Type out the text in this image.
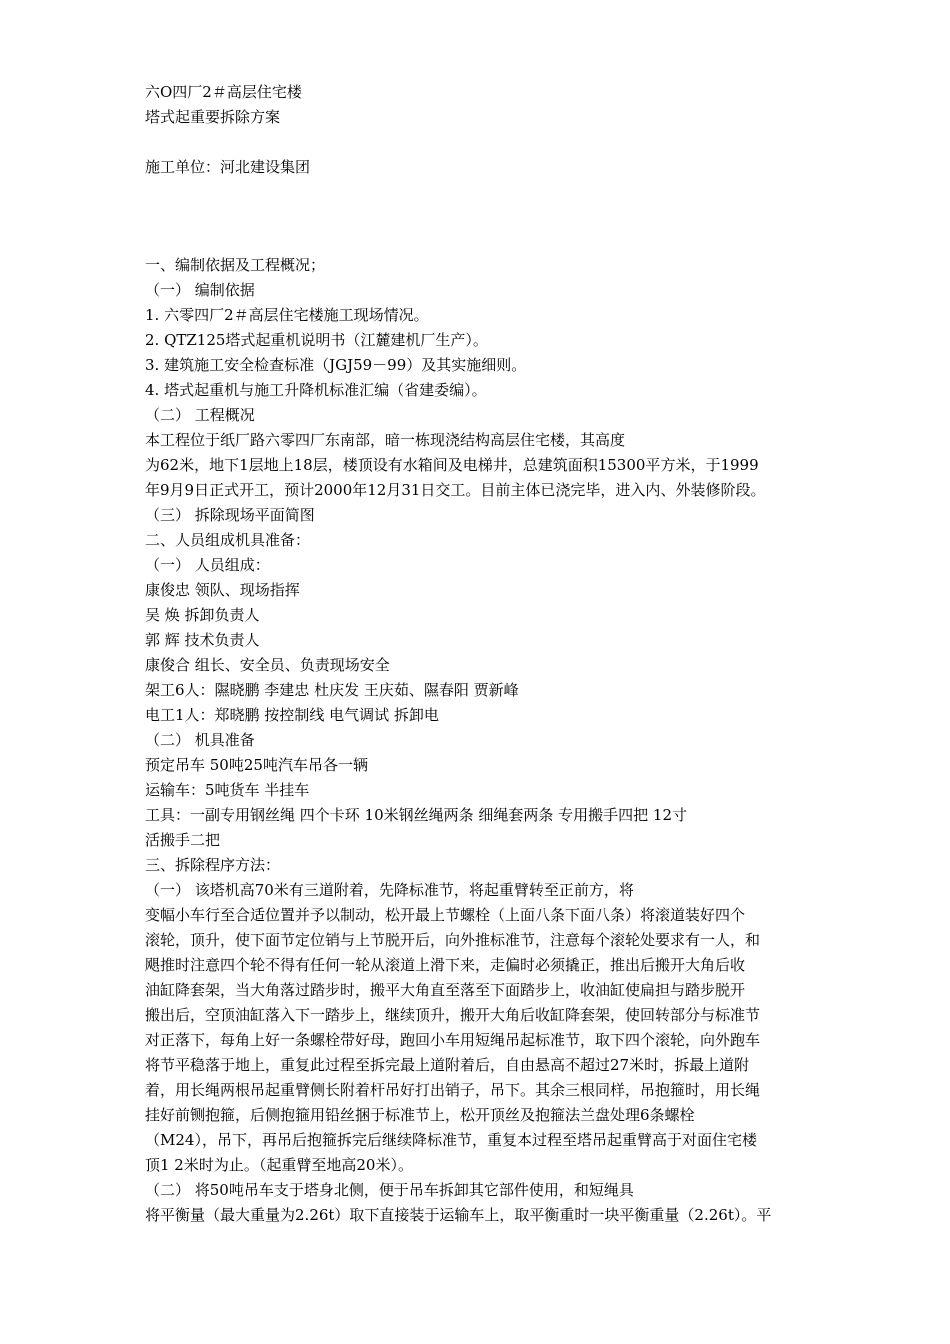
六O四厂2＃高层住宅楼
塔式起重要拆除方案
施工单位：河北建设集团
一、编制依据及工程概况；
（一） 编制依据
1. 六零四厂2＃高层住宅楼施工现场情况。
2. QTZ125塔式起重机说明书（江麓建机厂生产）。
3. 建筑施工安全检查标准（JGJ59－99）及其实施细则。
4. 塔式起重机与施工升降机标准汇编（省建委编）。
（二） 工程概况
本工程位于纸厂路六零四厂东南部，暗一栋现浇结构高层住宅楼，其高度
为62米，地下1层地上18层，楼顶设有水箱间及电梯井，总建筑面积15300平方米，于1999
年9月9日正式开工，预计2000年12月31日交工。目前主体已浇完毕，进入内、外装修阶段。
（三） 拆除现场平面简图
二、人员组成机具准备：
（一） 人员组成：
康俊忠 领队、现场指挥
吴 焕 拆卸负责人
郭 辉 技术负责人
康俊合 组长、安全员、负责现场安全
架工6人：隰晓鹏 李建忠 杜庆发 王庆茹、隰春阳 贾新峰
电工1人：郑晓鹏 按控制线 电气调试 拆卸电
（二） 机具准备
预定吊车 50吨25吨汽车吊各一辆
运输车：5吨货车 半挂车
工具：一副专用钢丝绳 四个卡环 10米钢丝绳两条 细绳套两条 专用搬手四把 12寸
活搬手二把
三、拆除程序方法：
（一） 该塔机高70米有三道附着，先降标准节，将起重臂转至正前方，将
变幅小车行至合适位置并予以制动，松开最上节螺栓（上面八条下面八条）将滚道装好四个
滚轮，顶升，使下面节定位销与上节脱开后，向外推标准节，注意每个滚轮处要求有一人，和
飓推时注意四个轮不得有任何一轮从滚道上滑下来，走偏时必须撬正，推出后搬开大角后收
油缸降套架，当大角落过踏步时，搬平大角直至落至下面踏步上，收油缸使扁担与踏步脱开
搬出后，空顶油缸落入下一踏步上，继续顶升，搬开大角后收缸降套架，使回转部分与标准节
对正落下，每角上好一条螺栓带好母，跑回小车用短绳吊起标准节，取下四个滚轮，向外跑车
将节平稳落于地上，重复此过程至拆完最上道附着后，自由悬高不超过27米时，拆最上道附
着，用长绳两根吊起重臂侧长附着杆吊好打出销子，吊下。其余三根同样，吊抱箍时，用长绳
挂好前铡抱箍，后侧抱箍用铅丝捆于标准节上，松开顶丝及抱箍法兰盘处理6条螺栓
（M24），吊下，再吊后抱箍拆完后继续降标准节，重复本过程至塔吊起重臂高于对面住宅楼
顶1 2米时为止。（起重臂至地高20米）。
（二） 将50吨吊车支于塔身北侧，便于吊车拆卸其它部件使用，和短绳具
将平衡量（最大重量为2.26t）取下直接装于运输车上，取平衡重时一块平衡重量（2.26t）。平
